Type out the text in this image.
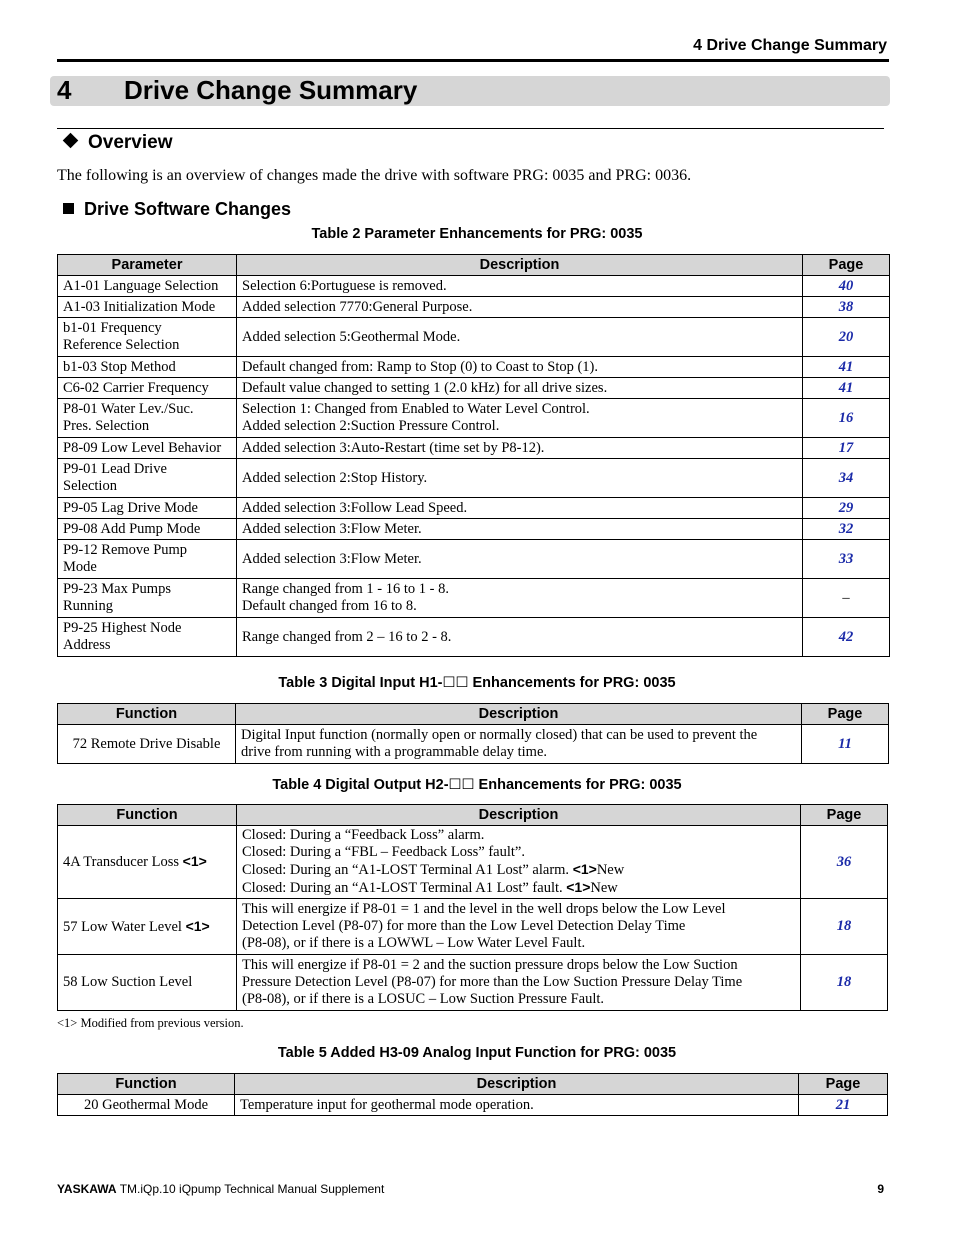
4 Drive Change Summary
4 Drive Change Summary
Overview
The following is an overview of changes made the drive with software PRG: 0035 and PRG: 0036.
Drive Software Changes
Table 2 Parameter Enhancements for PRG: 0035
Parameter	Description	Page
A1-01 Language Selection	Selection 6:Portuguese is removed.	40
A1-03 Initialization Mode	Added selection 7770:General Purpose.	38
b1-01 Frequency
Reference Selection	Added selection 5:Geothermal Mode.	20
b1-03 Stop Method	Default changed from: Ramp to Stop (0) to Coast to Stop (1).	41
C6-02 Carrier Frequency	Default value changed to setting 1 (2.0 kHz) for all drive sizes.	41
P8-01 Water Lev./Suc.
Pres. Selection	Selection 1: Changed from Enabled to Water Level Control.
Added selection 2:Suction Pressure Control.	16
P8-09 Low Level Behavior	Added selection 3:Auto-Restart (time set by P8-12).	17
P9-01 Lead Drive
Selection	Added selection 2:Stop History.	34
P9-05 Lag Drive Mode	Added selection 3:Follow Lead Speed.	29
P9-08 Add Pump Mode	Added selection 3:Flow Meter.	32
P9-12 Remove Pump
Mode	Added selection 3:Flow Meter.	33
P9-23 Max Pumps
Running	Range changed from 1 - 16 to 1 - 8.
Default changed from 16 to 8.	–
P9-25 Highest Node
Address	Range changed from 2 – 16 to 2 - 8.	42
Table 3 Digital Input H1-☐☐ Enhancements for PRG: 0035
Function	Description	Page
72 Remote Drive Disable	Digital Input function (normally open or normally closed) that can be used to prevent the
drive from running with a programmable delay time.	11
Table 4 Digital Output H2-☐☐ Enhancements for PRG: 0035
Function	Description	Page
4A Transducer Loss <1>	Closed: During a “Feedback Loss” alarm.
Closed: During a “FBL – Feedback Loss” fault”.
Closed: During an “A1-LOST Terminal A1 Lost” alarm. <1>New
Closed: During an “A1-LOST Terminal A1 Lost” fault. <1>New	36
57 Low Water Level <1>	This will energize if P8-01 = 1 and the level in the well drops below the Low Level
Detection Level (P8-07) for more than the Low Level Detection Delay Time
(P8-08), or if there is a LOWWL – Low Water Level Fault.	18
58 Low Suction Level	This will energize if P8-01 = 2 and the suction pressure drops below the Low Suction
Pressure Detection Level (P8-07) for more than the Low Suction Pressure Delay Time
(P8-08), or if there is a LOSUC – Low Suction Pressure Fault.	18
<1> Modified from previous version.
Table 5 Added H3-09 Analog Input Function for PRG: 0035
Function	Description	Page
20 Geothermal Mode	Temperature input for geothermal mode operation.	21
YASKAWA TM.iQp.10 iQpump Technical Manual Supplement	9
